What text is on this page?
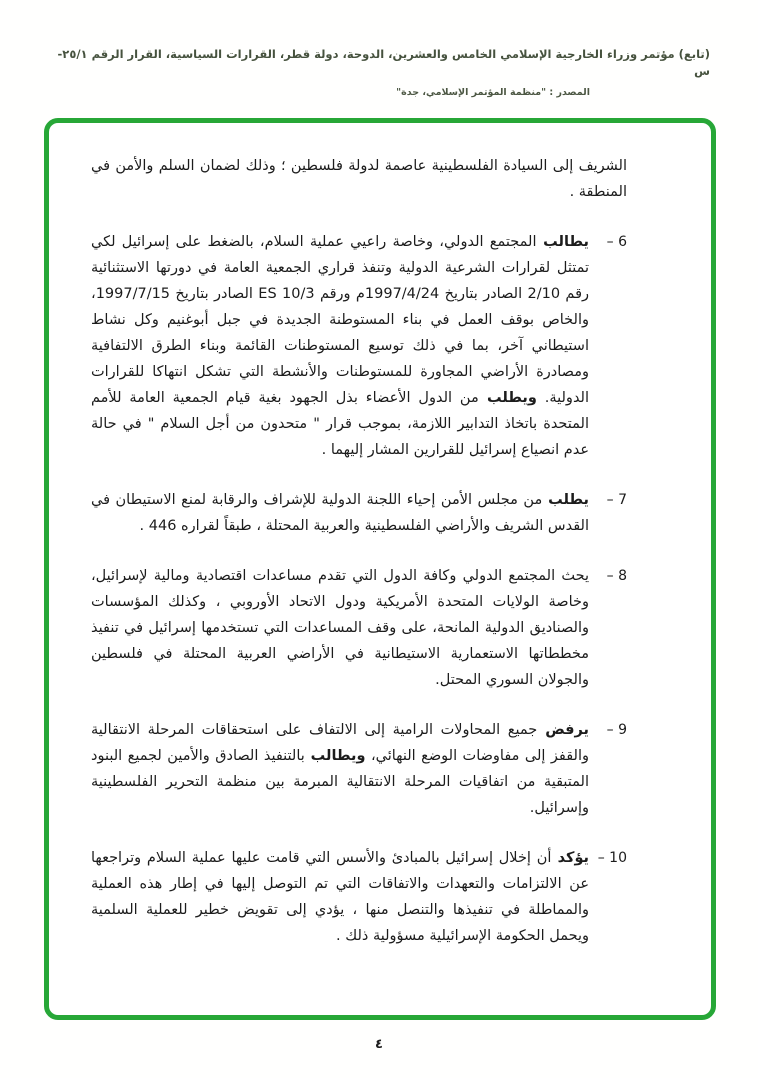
(تابع) مؤتمر وزراء الخارجية الإسلامي الخامس والعشرين، الدوحة، دولة قطر، القرارات السياسية، القرار الرقم ٢٥/١-س
المصدر : "منظمة المؤتمر الإسلامي، جدة"

الشريف إلى السيادة الفلسطينية عاصمة لدولة فلسطين ؛ وذلك لضمان السلم والأمن في المنطقة .

6 –
يطالب المجتمع الدولي، وخاصة راعيي عملية السلام، بالضغط على إسرائيل لكي تمتثل لقرارات الشرعية الدولية وتنفذ قراري الجمعية العامة في دورتها الاستثنائية رقم 2/10 الصادر بتاريخ 1997/4/24م ورقم ES 10/3 الصادر بتاريخ 1997/7/15، والخاص بوقف العمل في بناء المستوطنة الجديدة في جبل أبوغنيم وكل نشاط استيطاني آخر، بما في ذلك توسيع المستوطنات القائمة وبناء الطرق الالتفافية ومصادرة الأراضي المجاورة للمستوطنات والأنشطة التي تشكل انتهاكا للقرارات الدولية. ويطلب من الدول الأعضاء بذل الجهود بغية قيام الجمعية العامة للأمم المتحدة باتخاذ التدابير اللازمة، بموجب قرار " متحدون من أجل السلام " في حالة عدم انصياع إسرائيل للقرارين المشار إليهما .
7 –
يطلب من مجلس الأمن إحياء اللجنة الدولية للإشراف والرقابة لمنع الاستيطان في القدس الشريف والأراضي الفلسطينية والعربية المحتلة ، طبقاً لقراره 446 .
8 –
يحث المجتمع الدولي وكافة الدول التي تقدم مساعدات اقتصادية ومالية لإسرائيل، وخاصة الولايات المتحدة الأمريكية ودول الاتحاد الأوروبي ، وكذلك المؤسسات والصناديق الدولية المانحة، على وقف المساعدات التي تستخدمها إسرائيل في تنفيذ مخططاتها الاستعمارية الاستيطانية في الأراضي العربية المحتلة في فلسطين والجولان السوري المحتل.
9 –
يرفض جميع المحاولات الرامية إلى الالتفاف على استحقاقات المرحلة الانتقالية والقفز إلى مفاوضات الوضع النهائي، ويطالب بالتنفيذ الصادق والأمين لجميع البنود المتبقية من اتفاقيات المرحلة الانتقالية المبرمة بين منظمة التحرير الفلسطينية وإسرائيل.
10 –
يؤكد أن إخلال إسرائيل بالمبادئ والأسس التي قامت عليها عملية السلام وتراجعها عن الالتزامات والتعهدات والاتفاقات التي تم التوصل إليها في إطار هذه العملية والمماطلة في تنفيذها والتنصل منها ، يؤدي إلى تقويض خطير للعملية السلمية ويحمل الحكومة الإسرائيلية مسؤولية ذلك .
٤
